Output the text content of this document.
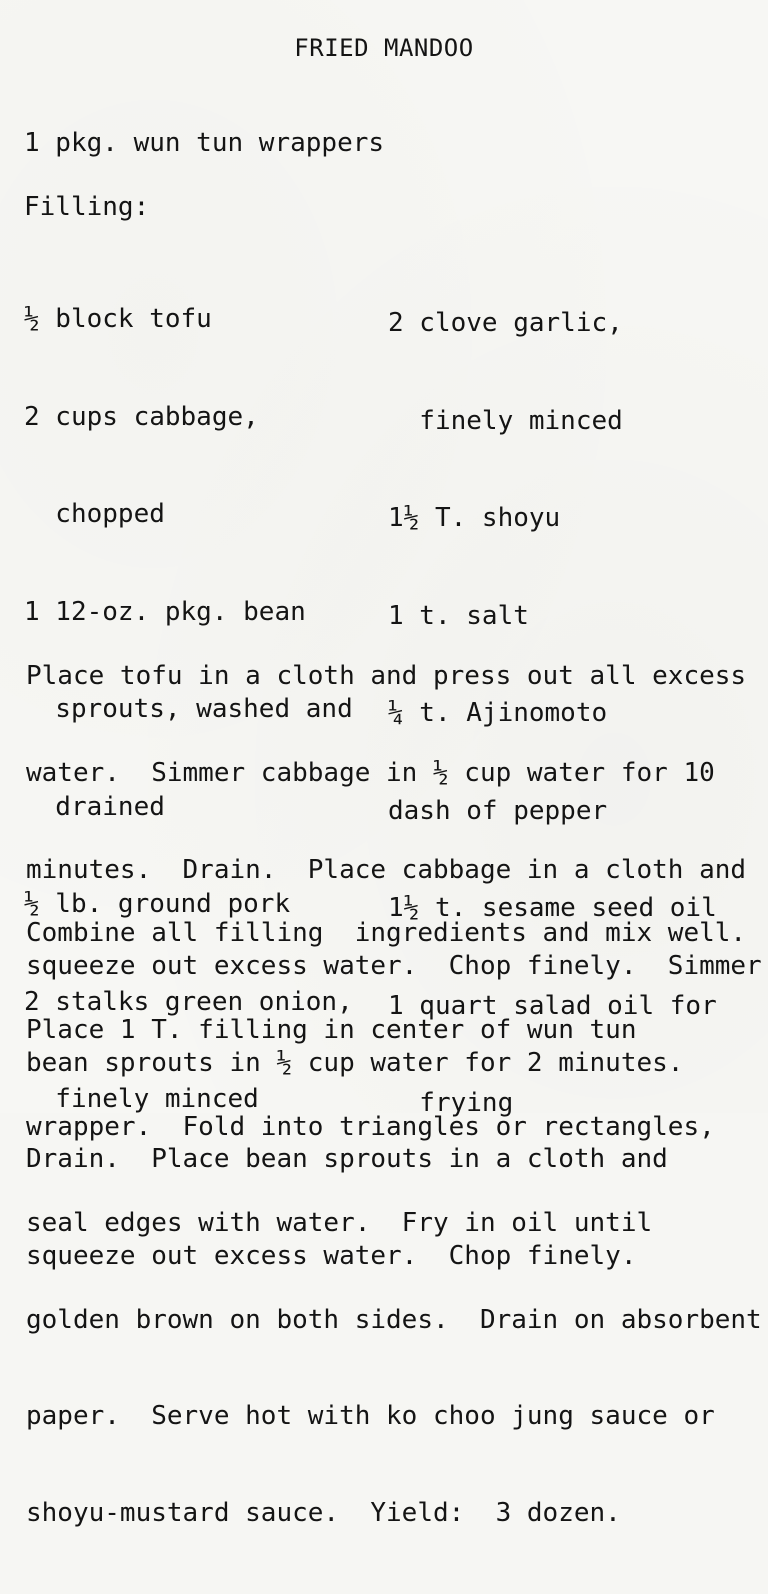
FRIED MANDOO
1 pkg. wun tun wrappers
Filling:

½ block tofu

2 cups cabbage,

chopped

1 12-oz. pkg. bean

sprouts, washed and

drained

½ lb. ground pork

2 stalks green onion,

finely minced

2 clove garlic,

finely minced

1½ T. shoyu

1 t. salt

¼ t. Ajinomoto

dash of pepper

1½ t. sesame seed oil

1 quart salad oil for

frying

Place tofu in a cloth and press out all excess

water.  Simmer cabbage in ½ cup water for 10

minutes.  Drain.  Place cabbage in a cloth and

squeeze out excess water.  Chop finely.  Simmer

bean sprouts in ½ cup water for 2 minutes.

Drain.  Place bean sprouts in a cloth and

squeeze out excess water.  Chop finely.

Combine all filling  ingredients and mix well.

Place 1 T. filling in center of wun tun

wrapper.  Fold into triangles or rectangles,

seal edges with water.  Fry in oil until

golden brown on both sides.  Drain on absorbent

paper.  Serve hot with ko choo jung sauce or

shoyu-mustard sauce.  Yield:  3 dozen.
